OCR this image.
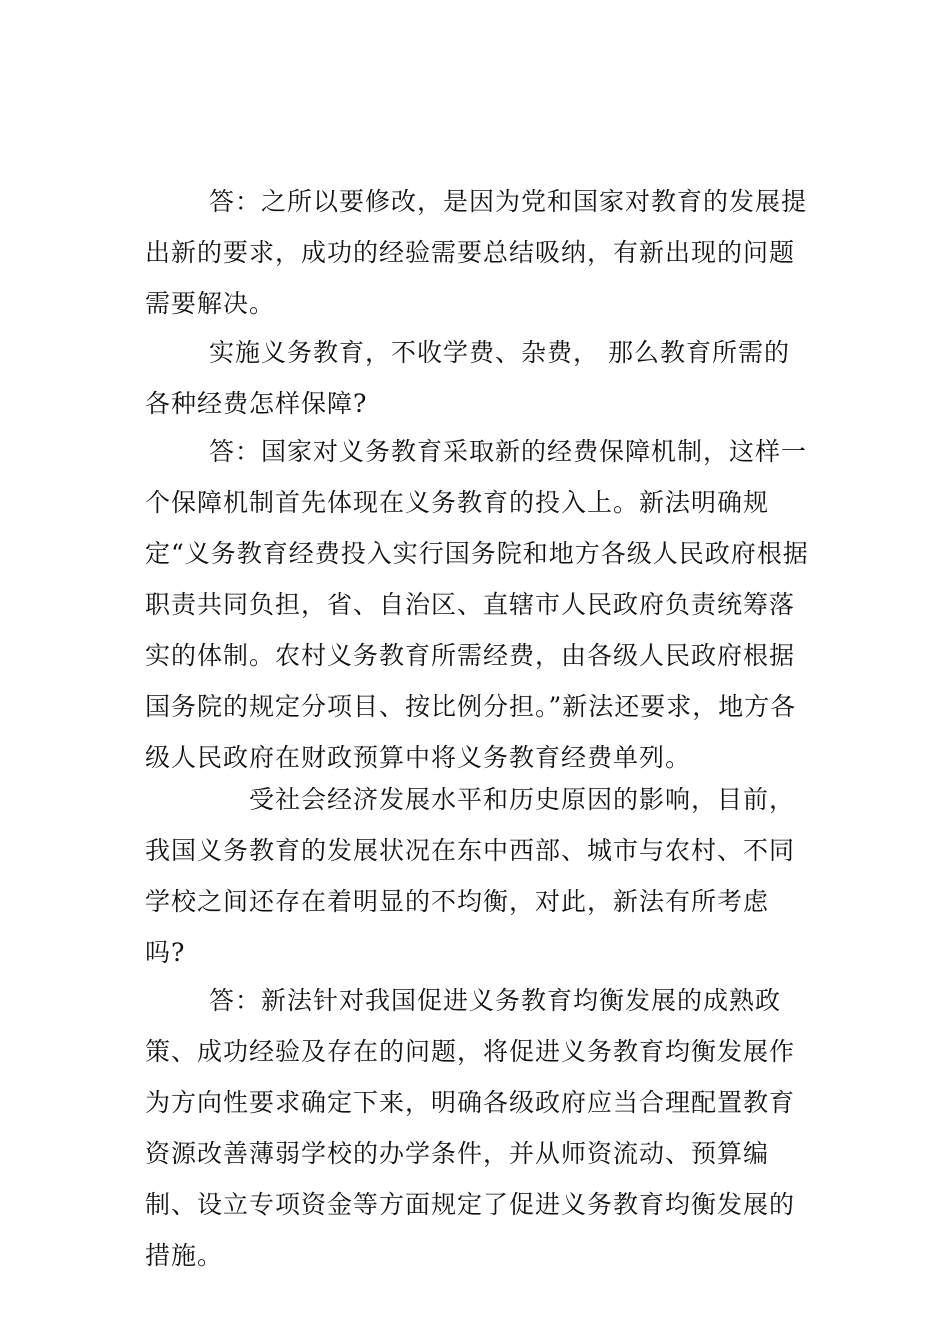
答：之所以要修改，是因为党和国家对教育的发展提出新的要求，成功的经验需要总结吸纳，有新出现的问题需要解决。

实施义务教育，不收学费、杂费， 那么教育所需的各种经费怎样保障?

答：国家对义务教育采取新的经费保障机制，这样一个保障机制首先体现在义务教育的投入上。新法明确规定“义务教育经费投入实行国务院和地方各级人民政府根据职责共同负担，省、自治区、直辖市人民政府负责统筹落实的体制。农村义务教育所需经费，由各级人民政府根据国务院的规定分项目、按比例分担。”新法还要求，地方各级人民政府在财政预算中将义务教育经费单列。

受社会经济发展水平和历史原因的影响，目前，我国义务教育的发展状况在东中西部、城市与农村、不同学校之间还存在着明显的不均衡，对此，新法有所考虑吗?

答：新法针对我国促进义务教育均衡发展的成熟政策、成功经验及存在的问题，将促进义务教育均衡发展作为方向性要求确定下来，明确各级政府应当合理配置教育资源改善薄弱学校的办学条件，并从师资流动、预算编制、设立专项资金等方面规定了促进义务教育均衡发展的措施。
